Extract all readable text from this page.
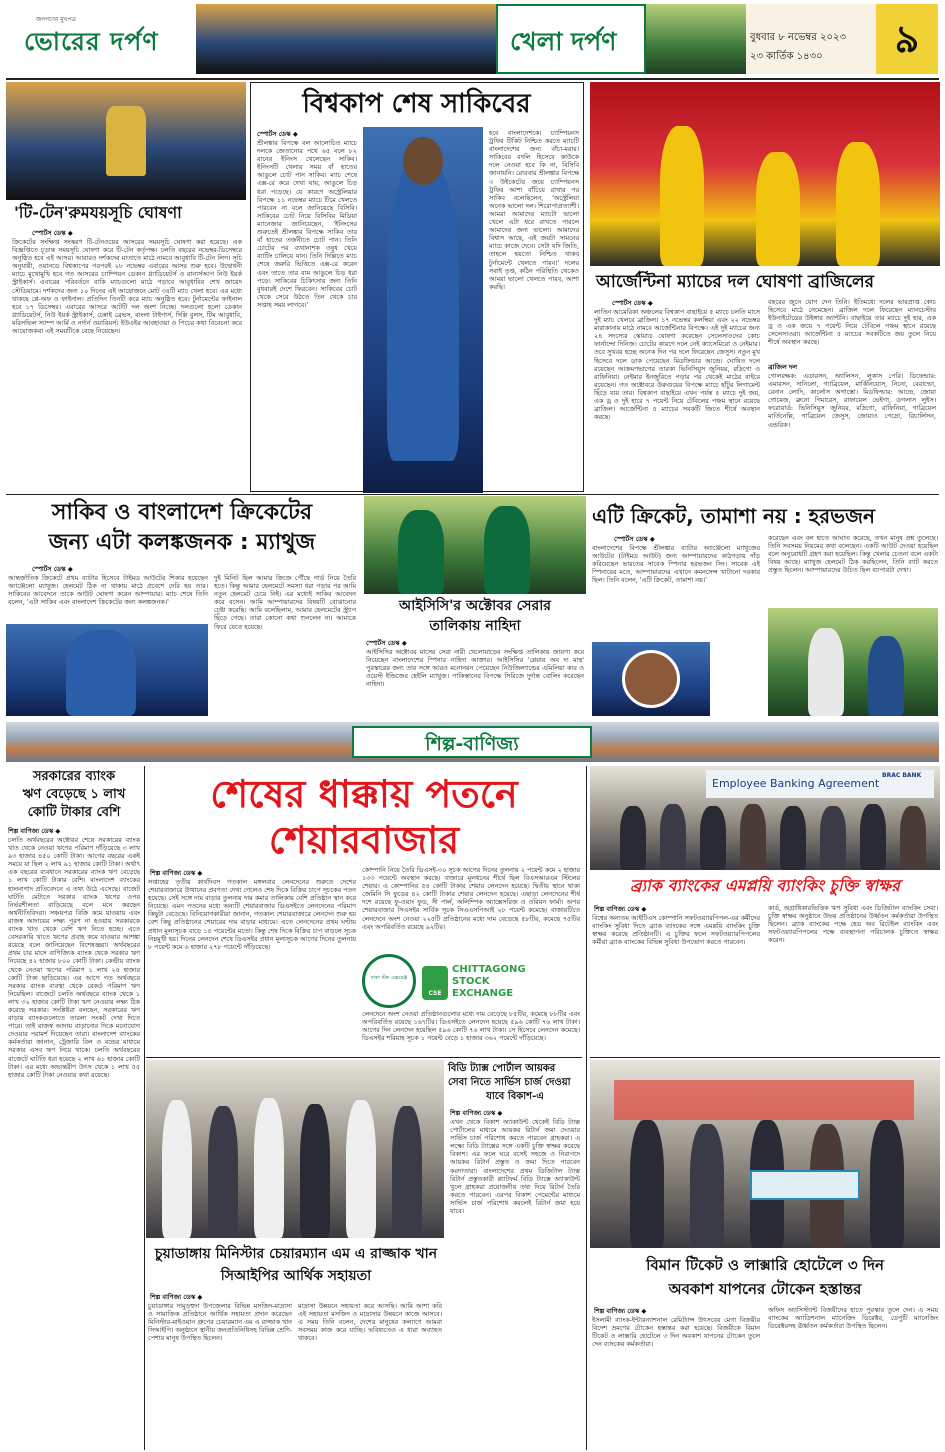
জনগণের মুখপত্র
ভোরের দর্পণ	খেলা দর্পণ	বুধবার ৮ নভেম্বর ২০২৩
২৩ কার্তিক ১৪৩০	৯
বিশ্বকাপ শেষ সাকিবের
স্পোর্টস ডেস্ক ◆
শ্রীলঙ্কার বিপক্ষে বল আলোচিত ম্যাচে দলকে জেতানোর পথে ৬৫ বলে ৮২ রানের ইনিংস খেলেছেন সাকিব। ইনিংসটি খেলার সময় বাঁ হাতের আঙুলে চোট পান সাকিব। ম্যাচ শেষে এক্স-রে করে দেখা যায়, আঙুলে চিড় ধরা পড়েছে। যে কারণে অস্ট্রেলিয়ার বিপক্ষে ১১ নভেম্বর ম্যাচে টিমে খেলতে পারবেন না বলে জানিয়েছে বিসিবি। সাকিবের চোট নিয়ে বিসিবির মিডিয়া ম্যানেজার জানিয়েছেন, 'ইনিংসের শুরুতেই শ্রীলঙ্কার বিপক্ষে সাকিব তার বাঁ হাতের তর্জনীতে চোট পান। তিনি চোটের পর ব্যথানাশক ওষুধ খেয়ে ব্যাটিং চালিয়ে যান। তিনি দিল্লিতে ম্যাচ শেষে জরুরি ভিত্তিতে এক্স-রে করেন এবং তাতে তার বাম আঙুলে চিড় ধরা পড়ে। সাকিবের চিকিৎসার জন্য তিনি বুধবারই দেশে ফিরবেন। সাকিবের চোট থেকে সেরে উঠতে তিন থেকে চার সপ্তাহ সময় লাগবে।'
হবে বাংলাদেশকে। চ্যাম্পিয়নস ট্রফির টিকিট নিশ্চিত করতে ম্যাচটি বাংলাদেশের জন্য বাঁচা-মরার। সাকিবের বদলি হিসেবে কাউকে দলে নেওয়া হবে কি না, বিসিবি জানায়নি। রোববার শ্রীলঙ্কার বিপক্ষে ৩ উইকেটের জয়ে চ্যাম্পিয়নস ট্রফির আশা বাঁচিয়ে রাখার পর সাকিব বলেছিলেন, 'অস্ট্রেলিয়া অনেক ভালো দল। শিরোপাপ্রত্যাশী। আমরা আমাদের ম্যাচটা ভালো খেলে এটা ধরে রাখতে পারলে আমাদের জন্য ভালো। আমাদের বিশ্বাস আছে, এই জয়টা সামনের ম্যাচে কাজে দেবে। সেটা যদি জিতি, তাহলে হয়তো নিশ্চিত থাকব টুর্নামেন্টে খেলতে পারব।' দলের সবাই তৃপ্ত, কঠিন পরিস্থিতি থেকেও আমরা ভালো খেলতে পারব, আশা করছি।
'টি-টেন'রুমযয়সূচি ঘোষণা
স্পোর্টস ডেস্ক ◆
ক্রিকেটের সংক্ষিপ্ত সংস্করণ টি-টেনওয়ের আসরের সময়সূচি ঘোষণা করা হয়েছে। এক বিজ্ঞপ্তিতে চূড়ান্ত সময়সূচি ঘোষণা করে টি-টেন কর্তৃপক্ষ। চলতি বছরের নভেম্বর-ডিসেম্বরে অনুষ্ঠিত হবে এই আসর। আবারও দর্শকদের মাতাতে মাঠে নামবে আবুধাবি টি-টেন লিগ। সূচি অনুযায়ী, ওয়ানডে বিশ্বকাপের পরপরই ২৮ নভেম্বর এবারের আসর শুরু হবে। উদ্বোধনী ম্যাচে মুখোমুখি হবে গত আসরের চ্যাম্পিয়ন ডেকান গ্ল্যাডিয়েটর্স ও রানার্সআপ নিউ ইয়র্ক স্ট্রাইকার্স। এবারের পরিবর্তনে বাকি ম্যাচগুলো মাঠে গড়াবে আবুধাবির শেখ জায়েদ স্টেডিয়ামে। দর্শকদের জন্য ১০ দিনের এই আয়োজনে মোট ৩৪টি ম্যাচ খেলা হবে। এর মধ্যে থাকছে প্লে-অফ ও ফাইনাল। প্রতিদিন তিনটি করে ম্যাচ অনুষ্ঠিত হবে। টুর্নামেন্টের ফাইনাল হবে ১৭ ডিসেম্বর। এবারের আসরে আটটি দল অংশ নিচ্ছে। দলগুলো হলো ডেকান গ্ল্যাডিয়েটর্স, নিউ ইয়র্ক স্ট্রাইকার্স, চেন্নাই ব্রেভস, বাংলা টাইগার্স, দিল্লি বুলস, টিম আবুধাবি, মরিসভিল স্যাম্প আর্মি ও নর্দার্ন ওয়ারিয়র্স। ইউএইর আবহাওয়া ও পিচের কথা বিবেচনা করে আয়োজকরা এই সময়টিকে বেছে নিয়েছেন।
আর্জেন্টিনা ম্যাচের দল ঘোষণা ব্রাজিলের
স্পোর্টস ডেস্ক ◆
লাতিন আমেরিকা অঞ্চলের বিশ্বকাপ বাছাইয়ে ৫ ম্যাচে চলতি মাসে দুই ম্যাচ খেলবে ব্রাজিল। ১৭ নভেম্বর কলম্বিয়া এবং ২২ নভেম্বর মারাকানায় মাঠে নামবে আর্জেন্টিনার বিপক্ষে। এই দুই ম্যাচের জন্য ২৪ সদস্যের স্কোয়াড ঘোষণা করেছেন সেলেসাওদের কোচ ফার্নান্দো দিনিজ। চোটের কারণে দলে নেই ক্যাসেমিরো ও নেইমার। তবে সুখবর হচ্ছে অনেক দিন পর দলে ফিরেছেন জেসুস। নতুন মুখ হিসেবে দলে ডাক পেয়েছেন মিডফিল্ডার আন্দ্রে। ঘোষিত দলে রয়েছেন আক্রমণভাগের তারকা ভিনিসিয়ুস জুনিয়র, রদ্রিগো ও রাফিনিয়া। নেইমার ইনজুরিতে পড়ার পর থেকেই মাঠের বাইরে রয়েছেন। গত অক্টোবরে উরুগুয়ের বিপক্ষে ম্যাচে হাঁটুর লিগামেন্ট ছিঁড়ে যায় তার। বিশ্বকাপ বাছাইয়ে এখন পর্যন্ত ৫ ম্যাচে দুই জয়, এক ড্র ও দুই হারে ৭ পয়েন্ট নিয়ে টেবিলের পঞ্চম স্থানে রয়েছে ব্রাজিল। আর্জেন্টিনা ৫ ম্যাচের সবকটি জিতে শীর্ষে অবস্থান করছে।
বছরের জুনে যোগ দেন তিনি। ইতিমধ্যে দলের ভারপ্রাপ্ত কোচ হিসেবে মাঠে নেমেছেন। ব্রাজিল দলে ফিরেছেন ম্যানচেস্টার ইউনাইটেডের উইঙ্গার অ্যান্টনি। বাছাইয়ে তার ম্যাচে দুই হার, এক ড্র ও এক জয়ে ৭ পয়েন্ট নিয়ে টেবিলে পঞ্চম স্থানে রয়েছে সেলেসাওরা। আর্জেন্টিনা ৫ ম্যাচের সবকটিতে জয় তুলে নিয়ে শীর্ষে অবস্থান করছে।
ব্রাজিল দল
গোলরক্ষক: এডারসন, অ্যালিসন, লুকাস পেরি। ডিফেন্ডার: এমারসন, দানিলো, গ্যাব্রিয়েল, মার্কিনিয়োস, নিনো, বেরাল্ডো, রেনান লোদি, কার্লোস অগাস্তো। মিডফিল্ডার: আন্দ্রে, জোয়া গোমেজ, ব্রুনো গিমারেস, রাফায়েল ভেইগা, ডগলাস লুইস। ফরোয়ার্ড: ভিনিসিয়ুস জুনিয়র, রদ্রিগো, রাফিনিয়া, গাব্রিয়েল মার্তিনেল্লি, গাব্রিয়েল জেসুস, জোয়াও পেদ্রো, রিচার্লিসন, এন্ডরিক।
সাকিব ও বাংলাদেশ ক্রিকেটের
জন্য এটা কলঙ্কজনক : ম্যাথুজ
স্পোর্টস ডেস্ক ◆
আন্তর্জাতিক ক্রিকেটে প্রথম ব্যাটার হিসেবে টাইমড আউটের শিকার হয়েছেন অ্যাঞ্জেলো ম্যাথুজ। হেলমেট ঠিক না থাকায় মাঠে প্রবেশে দেরি হয় তার। সাকিবের আবেদনে তাকে আউট ঘোষণা করেন আম্পায়ার। ম্যাচ শেষে তিনি বলেন, 'এটা সাকিব এবং বাংলাদেশ ক্রিকেটের জন্য কলঙ্কজনক।'
দুই মিনিট ছিল আমার ক্রিজে পৌঁছে গার্ড নিয়ে তৈরি হতে। কিন্তু আমার হেলমেটে সমস্যা ধরা পড়ার পর আমি নতুন হেলমেট চেয়ে নিই। এর মধ্যেই সাকিব আবেদন করে বসেন। আমি আম্পায়ারদের বিষয়টি বোঝানোর চেষ্টা করেছি। আমি বলেছিলাম, আমার হেলমেটের স্ট্র্যাপ ছিঁড়ে গেছে। তারা কোনো কথা শুনলেন না। আমাকে ফিরে যেতে হয়েছে।
আইসিসি'র অক্টোবর সেরার
তালিকায় নাহিদা
স্পোর্টস ডেস্ক ◆
আইসিসির অক্টোবর মাসের সেরা নারী খেলোয়াড়ের সংক্ষিপ্ত তালিকায় জায়গা করে নিয়েছেন বাংলাদেশের স্পিনার নাহিদা আক্তার। আইসিসির 'প্লেয়ার অব দ্য মান্থ' পুরস্কারের জন্য তার সঙ্গে আরও মনোনয়ন পেয়েছেন নিউজিল্যান্ডের এমিলিয়া কার ও ওয়েস্ট ইন্ডিজের হেইলি ম্যাথুজ। পাকিস্তানের বিপক্ষে সিরিজে দুর্দান্ত বোলিং করেছেন নাহিদা।
এটি ক্রিকেট, তামাশা নয় : হরভজন
স্পোর্টস ডেস্ক ◆
বাংলাদেশের বিপক্ষে শ্রীলঙ্কার ব্যাটার অ্যাঞ্জেলো ম্যাথুজের আউটের (টাইমড আউট) জন্য আম্পায়ারদের কাঠগড়ায় দাঁড় করিয়েছেন ভারতের সাবেক স্পিনার হরভজন সিং। সাবেক এই স্পিনারের মতে, আম্পায়ারদের এখানে কমনসেন্স খাটানো দরকার ছিল। তিনি বলেন, 'এটি ক্রিকেট, তামাশা নয়।'
করেছেন এবং বল হাতে আঘাত করেছে, তখন মানুষ প্রশ্ন তুলেছে। তিনি সবসময় নিয়মের কথা বলেছেন। একটি আউট দেওয়া হয়েছিল বলে অনুরোধটি গ্রহণ করা হয়েছিল। কিন্তু খেলার চেতনা বলে একটা বিষয় আছে। ম্যাথুজ হেলমেট ঠিক করছিলেন, তিনি ব্যাট করতে প্রস্তুত ছিলেন। আম্পায়ারদের উচিত ছিল ব্যাপারটা দেখা।
শিল্প-বাণিজ্য
সরকারের ব্যাংক
ঋণ বেড়েছে ১ লাখ
কোটি টাকার বেশি
শিল্প বাণিজ্য ডেস্ক ◆
চলতি অর্থবছরের অক্টোবর শেষে সরকারের ব্যাংক খাত থেকে নেওয়া ঋণের পরিমাণ দাঁড়িয়েছে ৩ লাখ ৯৩ হাজার ৪৫০ কোটি টাকা। আগের বছরের একই সময়ে যা ছিল ২ লাখ ৯১ হাজার কোটি টাকা। অর্থাৎ এক বছরের ব্যবধানে সরকারের ব্যাংক ঋণ বেড়েছে ১ লাখ কোটি টাকার বেশি। বাংলাদেশ ব্যাংকের হালনাগাদ প্রতিবেদনে এ তথ্য উঠে এসেছে। বাজেট ঘাটতি মেটাতে সরকার ব্যাংক ঋণের ওপর নির্ভরশীলতা বাড়িয়েছে বলে মনে করছেন অর্থনীতিবিদরা। সঞ্চয়পত্র বিক্রি কমে যাওয়ায় এবং রাজস্ব আদায়ের লক্ষ্য পূরণ না হওয়ায় সরকারকে ব্যাংক খাত থেকে বেশি ঋণ নিতে হচ্ছে। এতে বেসরকারি খাতে ঋণের প্রবাহ কমে যাওয়ার আশঙ্কা রয়েছে বলে জানিয়েছেন বিশেষজ্ঞরা। অর্থবছরের প্রথম চার মাসে বাণিজ্যিক ব্যাংক থেকে সরকার ঋণ নিয়েছে ৪২ হাজার ৮০০ কোটি টাকা। কেন্দ্রীয় ব্যাংক থেকে নেওয়া ঋণের পরিমাণ ১ লাখ ২৫ হাজার কোটি টাকা ছাড়িয়েছে। এর আগে গত অর্থবছরে সরকার ব্যাংক ব্যবস্থা থেকে রেকর্ড পরিমাণ ঋণ নিয়েছিল। বাজেটে চলতি অর্থবছরে ব্যাংক থেকে ১ লাখ ৩২ হাজার কোটি টাকা ঋণ নেওয়ার লক্ষ্য ঠিক করেছে সরকার। সংশ্লিষ্টরা বলছেন, সরকারের ঋণ বাড়ায় ব্যাংকগুলোতে তারল্য সংকট দেখা দিতে পারে। তাই রাজস্ব আদায় বাড়ানোর দিকে মনোযোগ দেওয়ার পরামর্শ দিয়েছেন তারা। বাংলাদেশ ব্যাংকের কর্মকর্তারা জানান, ট্রেজারি বিল ও বন্ডের মাধ্যমে সরকার এসব ঋণ নিয়ে থাকে। চলতি অর্থবছরের বাজেটে ঘাটতি ধরা হয়েছে ২ লাখ ৬১ হাজার কোটি টাকা। এর মধ্যে অভ্যন্তরীণ উৎস থেকে ১ লাখ ৫৫ হাজার কোটি টাকা নেওয়ার কথা রয়েছে।
শেষের ধাক্কায় পতনে
শেয়ারবাজার
শিল্প বাণিজ্য ডেস্ক ◆
সপ্তাহের তৃতীয় কার্যদিবস গতকাল মঙ্গলবার লেনদেনের শুরুতে দেশের শেয়ারবাজারে উত্থানের প্রবণতা দেখা গেলেও শেষ দিকে বিক্রির চাপে সূচকের পতন হয়েছে। সেই সঙ্গে দাম বাড়ার তুলনায় দাম কমার তালিকায় বেশি প্রতিষ্ঠান স্থান করে নিয়েছে। এমন পতনের মধ্যে অন্যটি শেয়ারবাজার ডিএসইতে লেনদেনের পরিমাণ কিছুটা বেড়েছে। বিনিয়োগকারীরা জানান, গতকাল শেয়ারবাজারে লেনদেন শুরু হয় বেশ কিছু প্রতিষ্ঠানের শেয়ারের দাম বাড়ার মাধ্যমে। এতে লেনদেনের প্রথম ঘণ্টায় প্রধান মূল্যসূচক বাড়ে ১৫ পয়েন্টের মতো। কিন্তু শেষ দিকে বিক্রির চাপ বাড়লে সূচক নিম্নমুখী হয়। দিনের লেনদেন শেষে ডিএসইর প্রধান মূল্যসূচক আগের দিনের তুলনায় ৮ পয়েন্ট কমে ৬ হাজার ২৭৮ পয়েন্টে দাঁড়িয়েছে।
কোম্পানি নিয়ে তৈরি ডিএসই-৩০ সূচক আগের দিনের তুলনায় ২ পয়েন্ট কমে ২ হাজার ১৩৩ পয়েন্টে অবস্থান করছে। বাজারে মূলধনের শীর্ষে ছিল বিএসআরএম স্টিলের শেয়ার। এ কোম্পানির ৫৪ কোটি টাকার শেয়ার লেনদেন হয়েছে। দ্বিতীয় স্থানে থাকা জেমিনি সি ফুডের ৪২ কোটি টাকার শেয়ার লেনদেন হয়েছে। এছাড়া লেনদেনের শীর্ষ দশে রয়েছে ফু-ওয়াং ফুড, সী পার্ল, অলিম্পিক অ্যাক্সেসরিজ ও ওরিয়ন ফার্মা। অপর শেয়ারবাজার সিএসইর সার্বিক সূচক সিএএসপিআই ২৮ পয়েন্ট কমেছে। বাজারটিতে লেনদেনে অংশ নেওয়া ২২৫টি প্রতিষ্ঠানের মধ্যে দাম বেড়েছে ৫৮টির, কমেছে ৭৫টির এবং অপরিবর্তিত রয়েছে ৯২টির।
ঢাকা স্টক এক্সচেঞ্জ
CSE
CHITTAGONG
STOCK
EXCHANGE
লেনদেনে অংশ নেওয়া প্রতিষ্ঠানগুলোর মধ্যে দাম বেড়েছে ৮৫টির, কমেছে ৮৮টির এবং অপরিবর্তিত রয়েছে ১৬৭টির। ডিএসইতে লেনদেন হয়েছে ৫৯৬ কোটি ৭৬ লাখ টাকা। আগের দিন লেনদেন হয়েছিল ৫৯৬ কোটি ৭৬ লাখ টাকা। সে হিসেবে লেনদেন কমেছে। ডিএসইর শরিয়াহ সূচক ১ পয়েন্ট বেড়ে ১ হাজার ৩৬২ পয়েন্টে দাঁড়িয়েছে।
Employee Banking Agreement
BRAC BANK
ব্র্যাক ব্যাংকের এমপ্লয়ি ব্যাংকিং চুক্তি স্বাক্ষর
শিল্প বাণিজ্য ডেস্ক ◆
বিশ্বের অন্যতম আইটিএস কোম্পানি সফটওয়্যারপিপল-এর কর্মীদের ব্যাংকিং সুবিধা দিতে ব্র্যাক ব্যাংকের সঙ্গে এমপ্লয়ি ব্যাংকিং চুক্তি স্বাক্ষর করেছে প্রতিষ্ঠানটি। এ চুক্তির ফলে সফটওয়্যারপিপলের কর্মীরা ব্র্যাক ব্যাংকের বিভিন্ন সুবিধা উপভোগ করতে পারবেন।
কার্ড, অগ্রাধিকারভিত্তিক ঋণ সুবিধা এবং ডিজিটাল ব্যাংকিং সেবা। চুক্তি স্বাক্ষর অনুষ্ঠানে উভয় প্রতিষ্ঠানের উর্ধ্বতন কর্মকর্তারা উপস্থিত ছিলেন। ব্র্যাক ব্যাংকের পক্ষে হেড অব রিটেইল ব্যাংকিং এবং সফটওয়্যারপিপলের পক্ষে ব্যবস্থাপনা পরিচালক চুক্তিতে স্বাক্ষর করেন।
চুয়াডাঙ্গায় মিনিস্টার চেয়ারম্যান এম এ রাজ্জাক খান
সিআইপির আর্থিক সহায়তা
শিল্প বাণিজ্য ডেস্ক ◆
চুয়াডাঙ্গার দামুড়হুদা উপজেলার বিভিন্ন মসজিদ-মাদ্রাসা ও সামাজিক প্রতিষ্ঠানে আর্থিক সহায়তা প্রদান করেছেন মিনিস্টার-মাইওয়ান গ্রুপের চেয়ারম্যান এম এ রাজ্জাক খান সিআইপি। অনুষ্ঠানে স্থানীয় জনপ্রতিনিধিসহ বিভিন্ন শ্রেণি-পেশার মানুষ উপস্থিত ছিলেন।
মাদ্রাসা উন্নয়নে সহায়তা করে আসছি। আমি আশা করি এই সহায়তা মসজিদ ও মাদ্রাসার উন্নয়নে কাজে আসবে। এ সময় তিনি বলেন, দেশের মানুষের কল্যাণে আমরা সবসময় কাজ করে যাচ্ছি। ভবিষ্যতেও এ ধারা অব্যাহত থাকবে।
বিডি ট্যাক্স পোর্টাল আয়কর
সেবা নিতে সার্ভিস চার্জ দেওয়া
যাবে বিকাশ-এ
শিল্প বাণিজ্য ডেস্ক ◆
এখন থেকে বিকাশ অ্যাকাউন্ট থেকেই বিডি ট্যাক্স পোর্টালের মাধ্যমে আয়কর রিটার্ন জমা দেওয়ার সার্ভিস চার্জ পরিশোধ করতে পারবেন গ্রাহকরা। এ লক্ষ্যে বিডি ট্যাক্সের সঙ্গে একটি চুক্তি স্বাক্ষর করেছে বিকাশ। এর ফলে ঘরে বসেই সহজে ও নিরাপদে আয়কর রিটার্ন প্রস্তুত ও জমা দিতে পারবেন করদাতারা। বাংলাদেশের প্রথম ডিজিটাল ট্যাক্স রিটার্ন প্রস্তুতকারী প্ল্যাটফর্ম বিডি ট্যাক্সে অ্যাকাউন্ট খুলে গ্রাহকরা প্রয়োজনীয় তথ্য দিয়ে রিটার্ন তৈরি করতে পারবেন। এরপর বিকাশ পেমেন্টের মাধ্যমে সার্ভিস চার্জ পরিশোধ করলেই রিটার্ন জমা হয়ে যাবে।
বিমান টিকেট ও লাক্সারি হোটেলে ৩ দিন
অবকাশ যাপনের টোকেন হস্তান্তর
শিল্প বাণিজ্য ডেস্ক ◆
ইসলামী ব্যাংক-ইন্টারন্যাশনাল রেমিট্যান্স উৎসবের মেগা বিজয়ীর বিদেশ ভ্রমণের টোকেন হস্তান্তর করা হয়েছে। বিজয়ীকে বিমান টিকেট ও লাক্সারি হোটেলে ৩ দিন অবকাশ যাপনের টোকেন তুলে দেন ব্যাংকের কর্মকর্তারা।
অফিস অ্যাসিস্ট্যান্ট বিজয়ীদের হাতে পুরস্কার তুলে দেন। এ সময় ব্যাংকের অ্যাডিশনাল ম্যানেজিং ডিরেক্টর, ডেপুটি ম্যানেজিং ডিরেক্টরসহ ঊর্ধ্বতন কর্মকর্তারা উপস্থিত ছিলেন।
